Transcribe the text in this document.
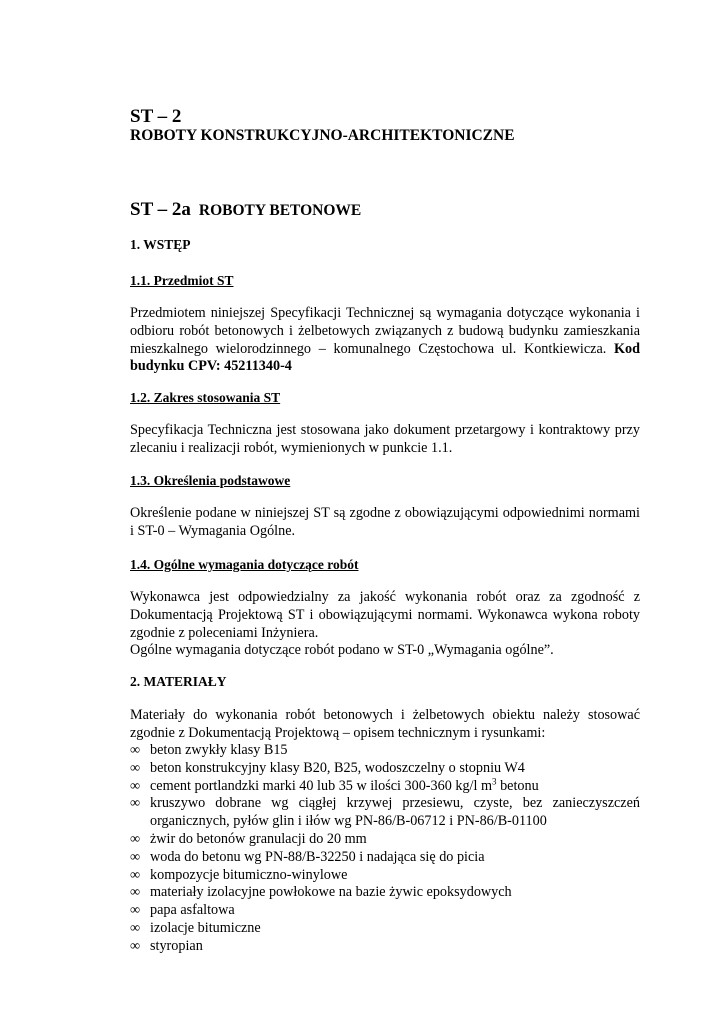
ST – 2
ROBOTY KONSTRUKCYJNO-ARCHITEKTONICZNE
ST – 2a ROBOTY BETONOWE
1. WSTĘP
1.1. Przedmiot ST
Przedmiotem niniejszej Specyfikacji Technicznej są wymagania dotyczące wykonania i odbioru robót betonowych i żelbetowych związanych z budową budynku zamieszkania mieszkalnego wielorodzinnego – komunalnego Częstochowa ul. Kontkiewicza. Kod budynku CPV: 45211340-4
1.2. Zakres stosowania ST
Specyfikacja Techniczna jest stosowana jako dokument przetargowy i kontraktowy przy zlecaniu i realizacji robót, wymienionych w punkcie 1.1.
1.3. Określenia podstawowe
Określenie podane w niniejszej ST są zgodne z obowiązującymi odpowiednimi normami i ST-0 – Wymagania Ogólne.
1.4. Ogólne wymagania dotyczące robót
Wykonawca jest odpowiedzialny za jakość wykonania robót oraz za zgodność z Dokumentacją Projektową ST i obowiązującymi normami. Wykonawca wykona roboty zgodnie z poleceniami Inżyniera.
Ogólne wymagania dotyczące robót podano w ST-0 „Wymagania ogólne”.
2. MATERIAŁY
Materiały do wykonania robót betonowych i żelbetowych obiektu należy stosować zgodnie z Dokumentacją Projektową – opisem technicznym i rysunkami:
∞ beton zwykły klasy B15
∞ beton konstrukcyjny klasy B20, B25, wodoszczelny o stopniu W4
∞ cement portlandzki marki 40 lub 35 w ilości 300-360 kg/l $m^3$ betonu
∞ kruszywo dobrane wg ciągłej krzywej przesiewu, czyste, bez zanieczyszczeń organicznych, pyłów glin i iłów wg PN-86/B-06712 i PN-86/B-01100
∞ żwir do betonów granulacji do 20 mm
∞ woda do betonu wg PN-88/B-32250 i nadająca się do picia
∞ kompozycje bitumiczno-winylowe
∞ materiały izolacyjne powłokowe na bazie żywic epoksydowych
∞ papa asfaltowa
∞ izolacje bitumiczne
∞ styropian
